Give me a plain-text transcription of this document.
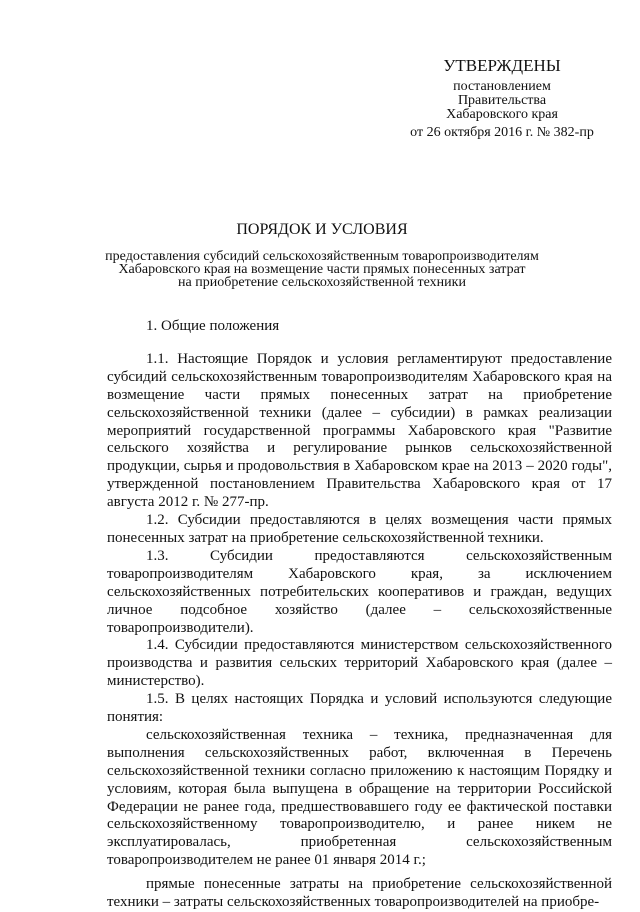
УТВЕРЖДЕНЫ
постановлением
Правительства
Хабаровского края
от 26 октября 2016 г. № 382-пр
ПОРЯДОК И УСЛОВИЯ
предоставления субсидий сельскохозяйственным товаропроизводителям
Хабаровского края на возмещение части прямых понесенных затрат
на приобретение сельскохозяйственной техники

1. Общие положения

1.1. Настоящие Порядок и условия регламентируют предоставление субсидий сельскохозяйственным товаропроизводителям Хабаровского края на возмещение части прямых понесенных затрат на приобретение сельскохозяйственной техники (далее – субсидии) в рамках реализации мероприятий государственной программы Хабаровского края "Развитие сельского хозяйства и регулирование рынков сельскохозяйственной продукции, сырья и продовольствия в Хабаровском крае на 2013 – 2020 годы", утвержденной постановлением Правительства Хабаровского края от 17 августа 2012 г. № 277-пр.

1.2. Субсидии предоставляются в целях возмещения части прямых понесенных затрат на приобретение сельскохозяйственной техники.

1.3. Субсидии предоставляются сельскохозяйственным товаропроизводителям Хабаровского края, за исключением сельскохозяйственных потребительских кооперативов и граждан, ведущих личное подсобное хозяйство (далее – сельскохозяйственные товаропроизводители).

1.4. Субсидии предоставляются министерством сельскохозяйственного производства и развития сельских территорий Хабаровского края (далее – министерство).

1.5. В целях настоящих Порядка и условий используются следующие понятия:

сельскохозяйственная техника – техника, предназначенная для выполнения сельскохозяйственных работ, включенная в Перечень сельскохозяйственной техники согласно приложению к настоящим Порядку и условиям, которая была выпущена в обращение на территории Российской Федерации не ранее года, предшествовавшего году ее фактической поставки сельскохозяйственному товаропроизводителю, и ранее никем не эксплуатировалась, приобретенная сельскохозяйственным товаропроизводителем не ранее 01 января 2014 г.;

прямые понесенные затраты на приобретение сельскохозяйственной техники – затраты сельскохозяйственных товаропроизводителей на приобре-
